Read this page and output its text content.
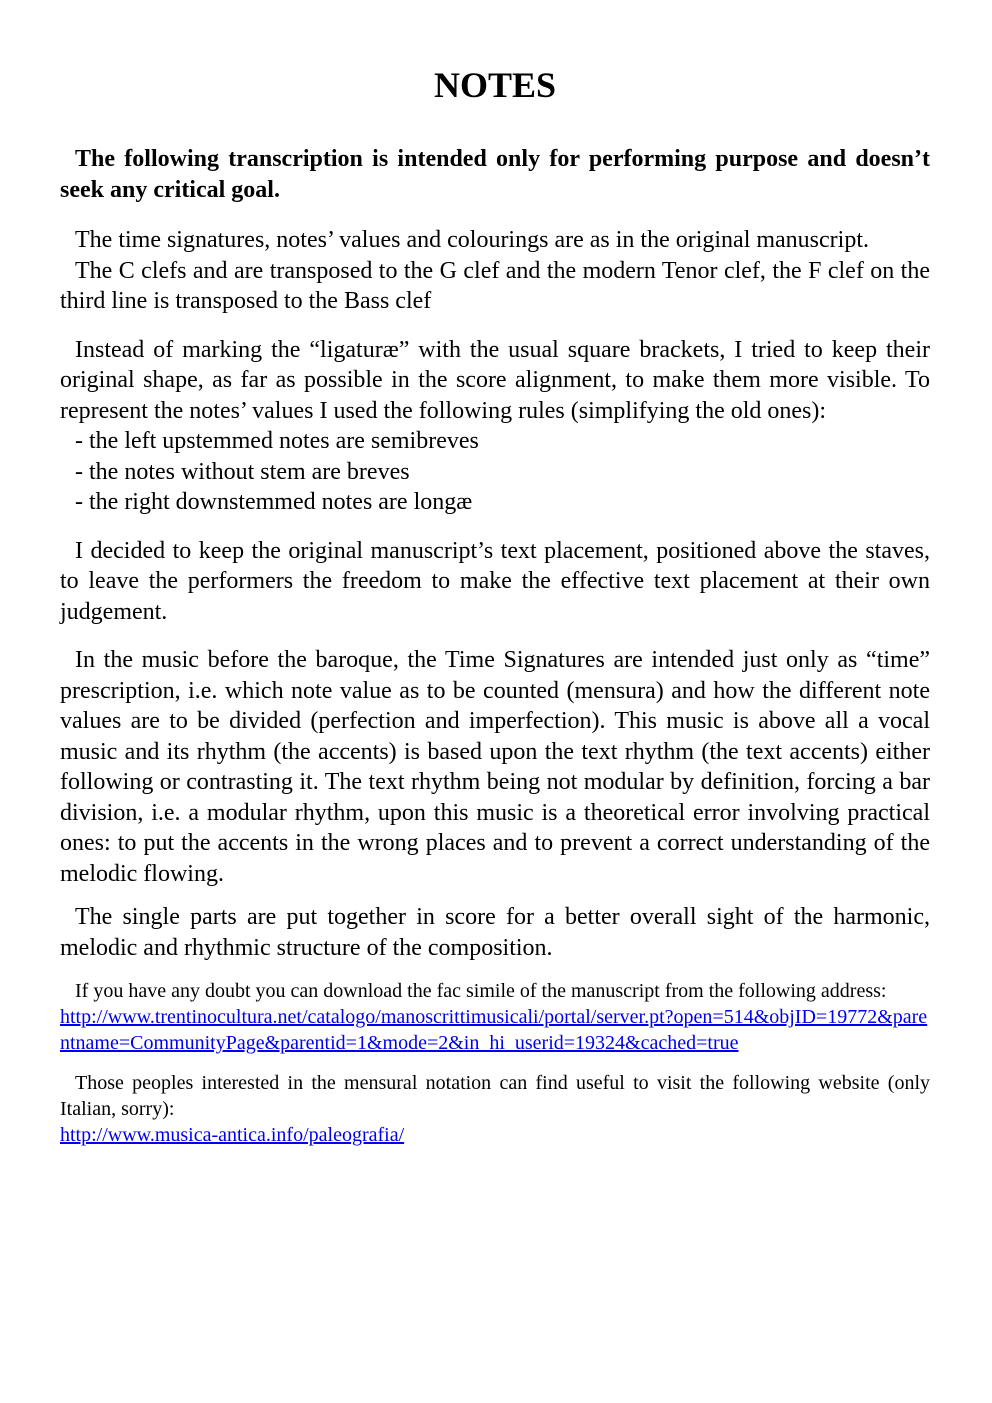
NOTES

The following transcription is intended only for performing purpose and doesn’t seek any critical goal.

The time signatures, notes’ values and colourings are as in the original manuscript.
The C clefs and are transposed to the G clef and the modern Tenor clef, the F clef on the third line is transposed to the Bass clef
Instead of marking the “ligaturæ” with the usual square brackets, I tried to keep their original shape, as far as possible in the score alignment, to make them more visible. To represent the notes’ values I used the following rules (simplifying the old ones):
- the left upstemmed notes are semibreves
- the notes without stem are breves
- the right downstemmed notes are longæ

I decided to keep the original manuscript’s text placement, positioned above the staves, to leave the performers the freedom to make the effective text placement at their own judgement.

In the music before the baroque, the Time Signatures are intended just only as “time” prescription, i.e. which note value as to be counted (mensura) and how the different note values are to be divided (perfection and imperfection). This music is above all a vocal music and its rhythm (the accents) is based upon the text rhythm (the text accents) either following or contrasting it. The text rhythm being not modular by definition, forcing a bar division, i.e. a modular rhythm, upon this music is a theoretical error involving practical ones: to put the accents in the wrong places and to prevent a correct understanding of the melodic flowing.

The single parts are put together in score for a better overall sight of the harmonic, melodic and rhythmic structure of the composition.

If you have any doubt you can download the fac simile of the manuscript from the following address:
http://www.trentinocultura.net/catalogo/manoscrittimusicali/portal/server.pt?open=514&objID=19772&parentname=CommunityPage&parentid=1&mode=2&in_hi_userid=19324&cached=true
Those peoples interested in the mensural notation can find useful to visit the following website (only Italian, sorry):
http://www.musica-antica.info/paleografia/
